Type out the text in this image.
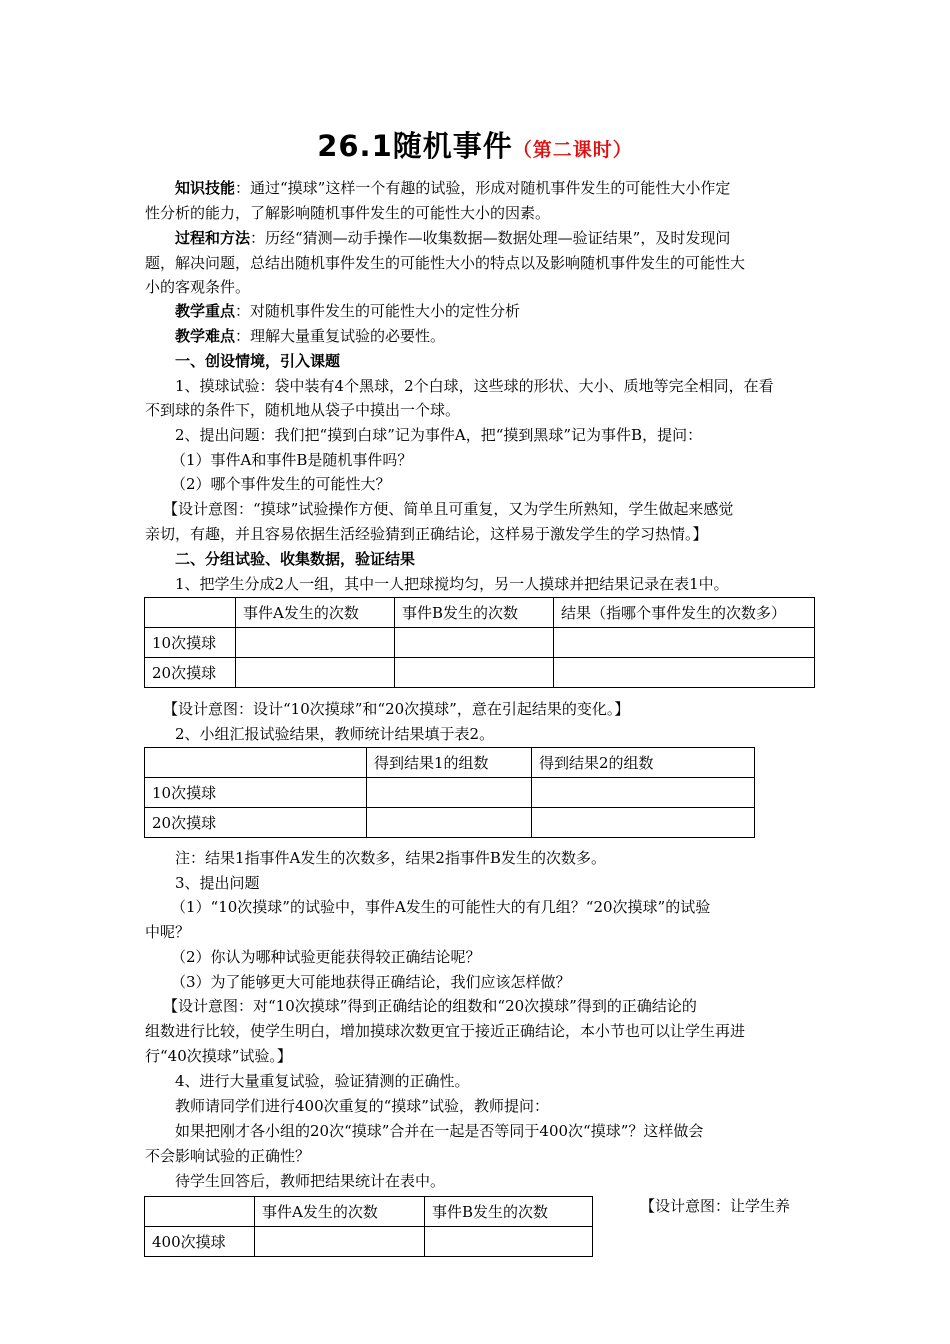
26.1随机事件（第二课时）
知识技能：通过“摸球”这样一个有趣的试验，形成对随机事件发生的可能性大小作定
性分析的能力，了解影响随机事件发生的可能性大小的因素。
过程和方法：历经“猜测—动手操作—收集数据—数据处理—验证结果”，及时发现问
题，解决问题，总结出随机事件发生的可能性大小的特点以及影响随机事件发生的可能性大
小的客观条件。
教学重点：对随机事件发生的可能性大小的定性分析
教学难点：理解大量重复试验的必要性。
一、创设情境，引入课题
1、摸球试验：袋中装有4个黑球，2个白球，这些球的形状、大小、质地等完全相同，在看
不到球的条件下，随机地从袋子中摸出一个球。
2、提出问题：我们把“摸到白球”记为事件A，把“摸到黑球”记为事件B，提问：
（1）事件A和事件B是随机事件吗？
（2）哪个事件发生的可能性大？
【设计意图：“摸球”试验操作方便、简单且可重复，又为学生所熟知，学生做起来感觉
亲切，有趣，并且容易依据生活经验猜到正确结论，这样易于激发学生的学习热情。】
二、分组试验、收集数据，验证结果
1、把学生分成2人一组，其中一人把球搅均匀，另一人摸球并把结果记录在表1中。
	事件A发生的次数	事件B发生的次数	结果（指哪个事件发生的次数多）
10次摸球			
20次摸球			
【设计意图：设计“10次摸球”和“20次摸球”，意在引起结果的变化。】
2、小组汇报试验结果，教师统计结果填于表2。
	得到结果1的组数	得到结果2的组数
10次摸球		
20次摸球		
注：结果1指事件A发生的次数多，结果2指事件B发生的次数多。
3、提出问题
（1）“10次摸球”的试验中，事件A发生的可能性大的有几组？“20次摸球”的试验
中呢？
（2）你认为哪种试验更能获得较正确结论呢？
（3）为了能够更大可能地获得正确结论，我们应该怎样做？
【设计意图：对“10次摸球”得到正确结论的组数和“20次摸球”得到的正确结论的
组数进行比较，使学生明白，增加摸球次数更宜于接近正确结论，本小节也可以让学生再进
行“40次摸球”试验。】
4、进行大量重复试验，验证猜测的正确性。
教师请同学们进行400次重复的“摸球”试验，教师提问：
如果把刚才各小组的20次“摸球”合并在一起是否等同于400次“摸球”？这样做会
不会影响试验的正确性？
待学生回答后，教师把结果统计在表中。
	事件A发生的次数	事件B发生的次数
400次摸球		
【设计意图：让学生养
